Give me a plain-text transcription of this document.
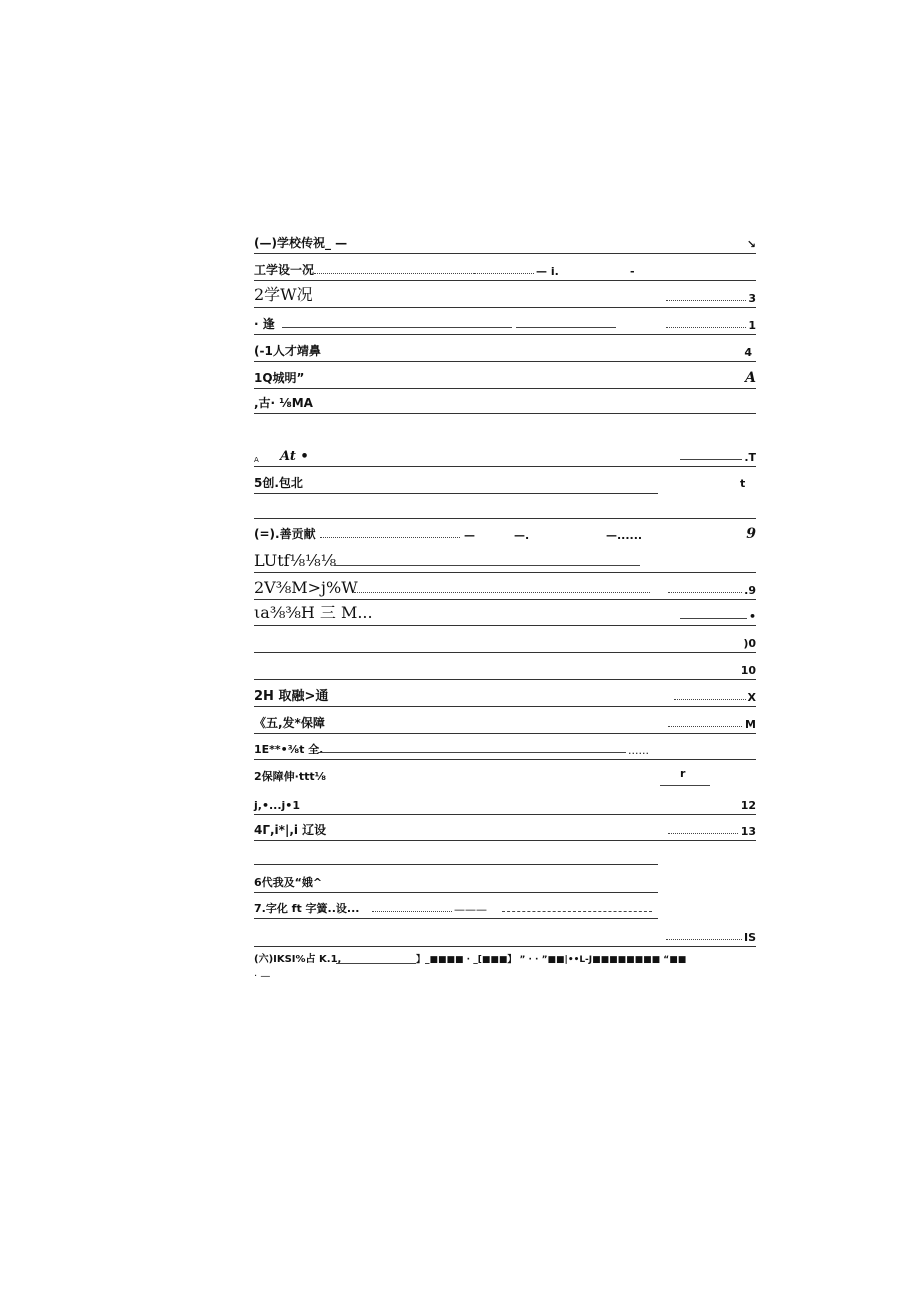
(—)学校传祝_ —	↘
工学设一况	— i.	-
2学W况	3
· 逢	1
(-1人才靖鼻	4
1Q城明”	A
,古· ⅛MA
A At •	.T
5创.包北	t
(=).善贡献	—	—.	—......	9
LUtf⅛⅛⅛
2V⅜M>j%W	.9
ιa⅜⅜H 三 M...	•
)0
10
2H 取融>通	X
《五,发*保障	M
1E**•⅜t 全.	......
2保障伸·ttt⅛	r
j,•...j•1	12
4Γ,i*|,i 辽设	13
6代我及“娥^
7.字化 ft 字簧..设...	———
IS
(六)IKSI%占 K.1,	】_■■■■ · _[■■■】 ” · · ”■■|••L-J■■■■■■■■ “■■
· —
